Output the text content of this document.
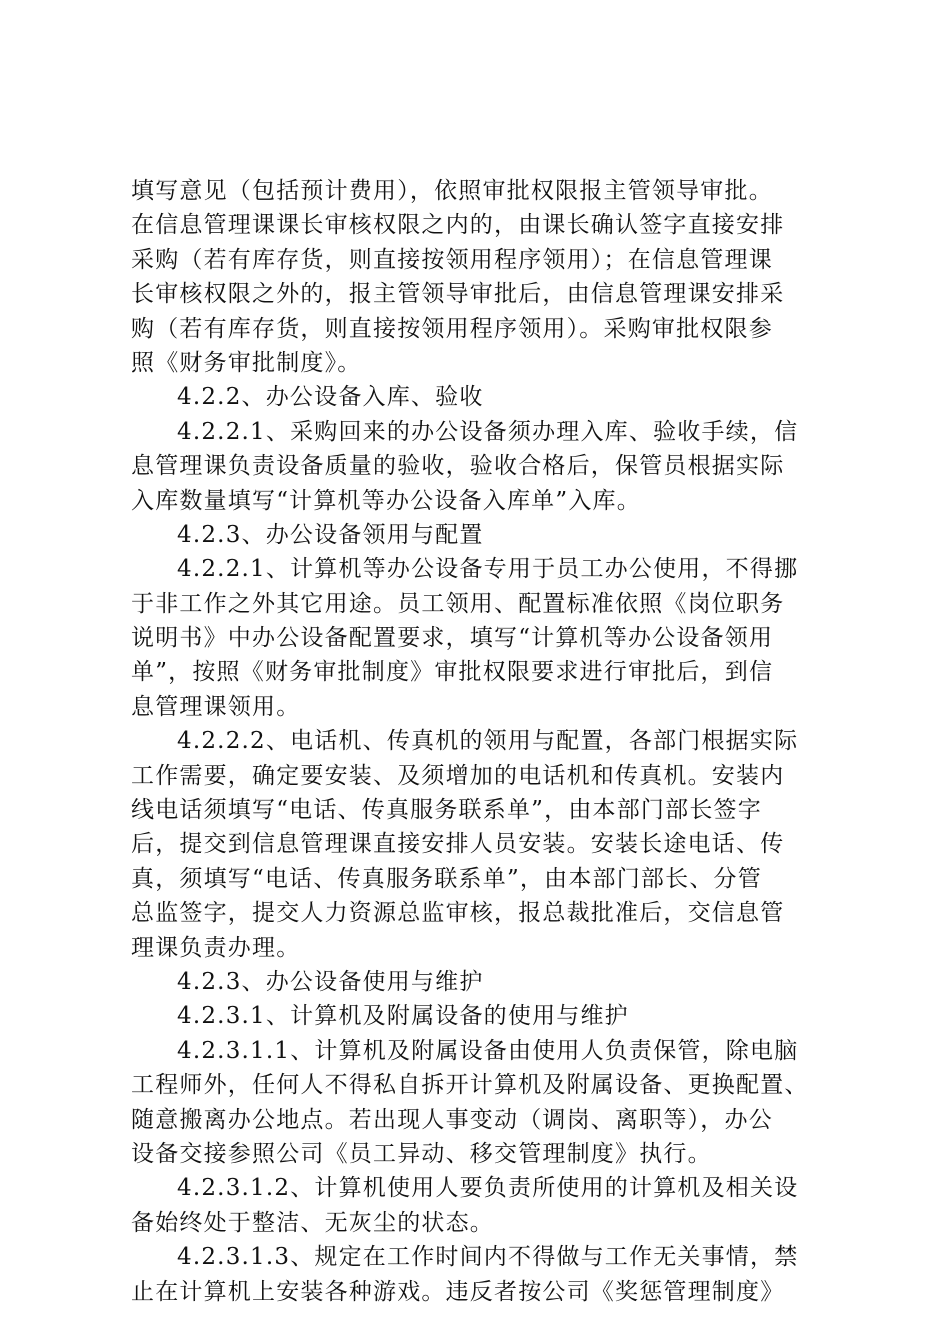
填写意见（包括预计费用），依照审批权限报主管领导审批。
在信息管理课课长审核权限之内的，由课长确认签字直接安排
采购（若有库存货，则直接按领用程序领用）；在信息管理课
长审核权限之外的，报主管领导审批后，由信息管理课安排采
购（若有库存货，则直接按领用程序领用）。采购审批权限参
照《财务审批制度》。
4.2.2、办公设备入库、验收
4.2.2.1、采购回来的办公设备须办理入库、验收手续，信
息管理课负责设备质量的验收，验收合格后，保管员根据实际
入库数量填写“计算机等办公设备入库单”入库。
4.2.3、办公设备领用与配置
4.2.2.1、计算机等办公设备专用于员工办公使用，不得挪
于非工作之外其它用途。员工领用、配置标准依照《岗位职务
说明书》中办公设备配置要求，填写“计算机等办公设备领用
单”，按照《财务审批制度》审批权限要求进行审批后，到信
息管理课领用。
4.2.2.2、电话机、传真机的领用与配置，各部门根据实际
工作需要，确定要安装、及须增加的电话机和传真机。安装内
线电话须填写“电话、传真服务联系单”，由本部门部长签字
后，提交到信息管理课直接安排人员安装。安装长途电话、传
真，须填写“电话、传真服务联系单”，由本部门部长、分管
总监签字，提交人力资源总监审核，报总裁批准后，交信息管
理课负责办理。
4.2.3、办公设备使用与维护
4.2.3.1、计算机及附属设备的使用与维护
4.2.3.1.1、计算机及附属设备由使用人负责保管，除电脑
工程师外，任何人不得私自拆开计算机及附属设备、更换配置、
随意搬离办公地点。若出现人事变动（调岗、离职等），办公
设备交接参照公司《员工异动、移交管理制度》执行。
4.2.3.1.2、计算机使用人要负责所使用的计算机及相关设
备始终处于整洁、无灰尘的状态。
4.2.3.1.3、规定在工作时间内不得做与工作无关事情，禁
止在计算机上安装各种游戏。违反者按公司《奖惩管理制度》
